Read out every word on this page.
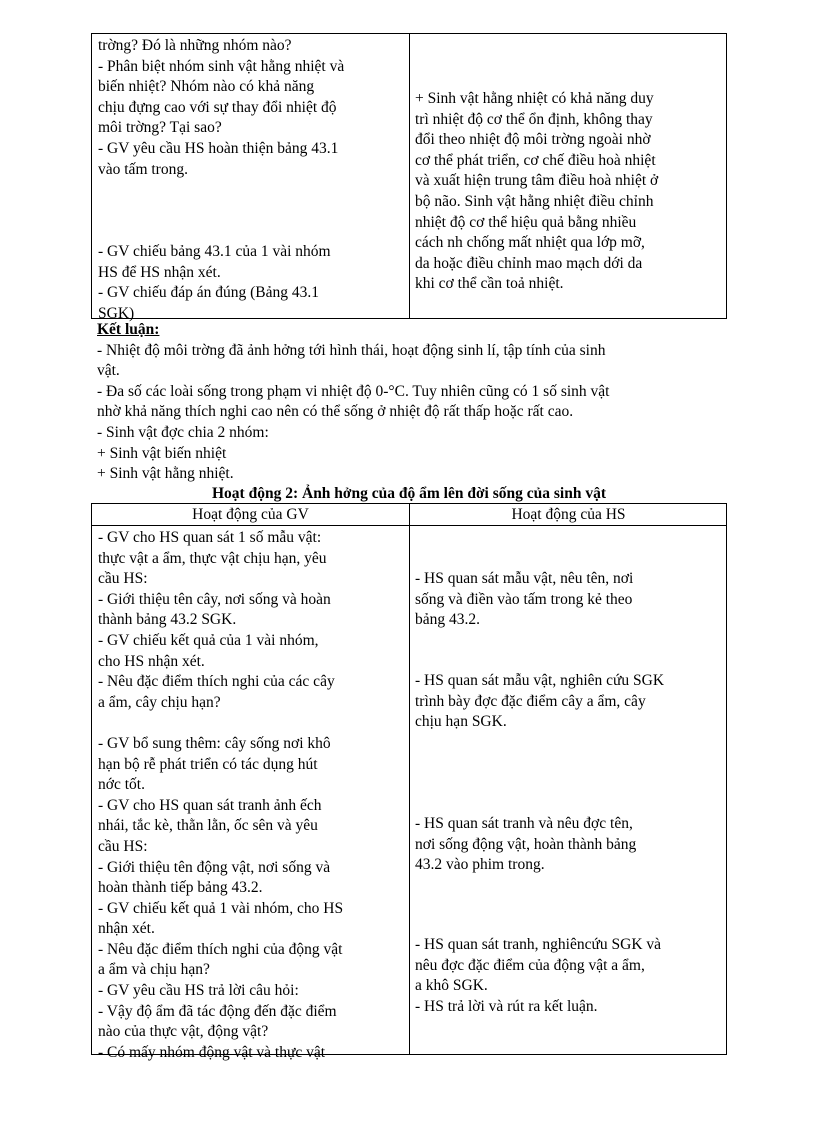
trờng? Đó là những nhóm nào?
- Phân biệt nhóm sinh vật hằng nhiệt và
biến nhiệt? Nhóm nào có khả năng
chịu đựng cao với sự thay đổi nhiệt độ
môi trờng? Tại sao?
- GV yêu cầu HS hoàn thiện bảng 43.1
vào tấm trong.
- GV chiếu bảng 43.1 của 1 vài nhóm
HS để HS nhận xét.
- GV chiếu đáp án đúng (Bảng 43.1
SGK)
+ Sinh vật hằng nhiệt có khả năng duy
trì nhiệt độ cơ thể ổn định, không thay
đổi theo nhiệt độ môi trờng ngoài nhờ
cơ thể phát triển, cơ chế điều hoà nhiệt
và xuất hiện trung tâm điều hoà nhiệt ở
bộ não. Sinh vật hằng nhiệt điều chỉnh
nhiệt độ cơ thể hiệu quả bằng nhiều
cách nh chống mất nhiệt qua lớp mỡ,
da hoặc điều chỉnh mao mạch dới da
khi cơ thể cần toả nhiệt.
Kết luận:
- Nhiệt độ môi trờng đã ảnh hởng tới hình thái, hoạt động sinh lí, tập tính của sinh
vật.
- Đa số các loài sống trong phạm vi nhiệt độ 0-°C. Tuy nhiên cũng có 1 số sinh vật
nhờ khả năng thích nghi cao nên có thể sống ở nhiệt độ rất thấp hoặc rất cao.
- Sinh vật đợc chia 2 nhóm:
+ Sinh vật biến nhiệt
+ Sinh vật hằng nhiệt.
Hoạt động 2: Ảnh hởng của độ ẩm lên đời sống của sinh vật
Hoạt động của GV	Hoạt động của HS
- GV cho HS quan sát 1 số mẫu vật:
thực vật a ẩm, thực vật chịu hạn, yêu
cầu HS:
- Giới thiệu tên cây, nơi sống và hoàn
thành bảng 43.2 SGK.
- GV chiếu kết quả của 1 vài nhóm,
cho HS nhận xét.
- Nêu đặc điểm thích nghi của các cây
a ẩm, cây chịu hạn?
- GV bổ sung thêm: cây sống nơi khô
hạn bộ rễ phát triển có tác dụng hút
nớc tốt.
- GV cho HS quan sát tranh ảnh ếch
nhái, tắc kè, thằn lằn, ốc sên và yêu
cầu HS:
- Giới thiệu tên động vật, nơi sống và
hoàn thành tiếp bảng 43.2.
- GV chiếu kết quả 1 vài nhóm, cho HS
nhận xét.
- Nêu đặc điểm thích nghi của động vật
a ẩm và chịu hạn?
- GV yêu cầu HS trả lời câu hỏi:
- Vậy độ ẩm đã tác động đến đặc điểm
nào của thực vật, động vật?
- Có mấy nhóm động vật và thực vật
- HS quan sát mẫu vật, nêu tên, nơi
sống và điền vào tấm trong kẻ theo
bảng 43.2.
- HS quan sát mẫu vật, nghiên cứu SGK
trình bày đợc đặc điểm cây a ẩm, cây
chịu hạn SGK.
- HS quan sát tranh và nêu đợc tên,
nơi sống động vật, hoàn thành bảng
43.2 vào phim trong.
- HS quan sát tranh, nghiêncứu SGK và
nêu đợc đặc điểm của động vật a ẩm,
a khô SGK.
- HS trả lời và rút ra kết luận.
